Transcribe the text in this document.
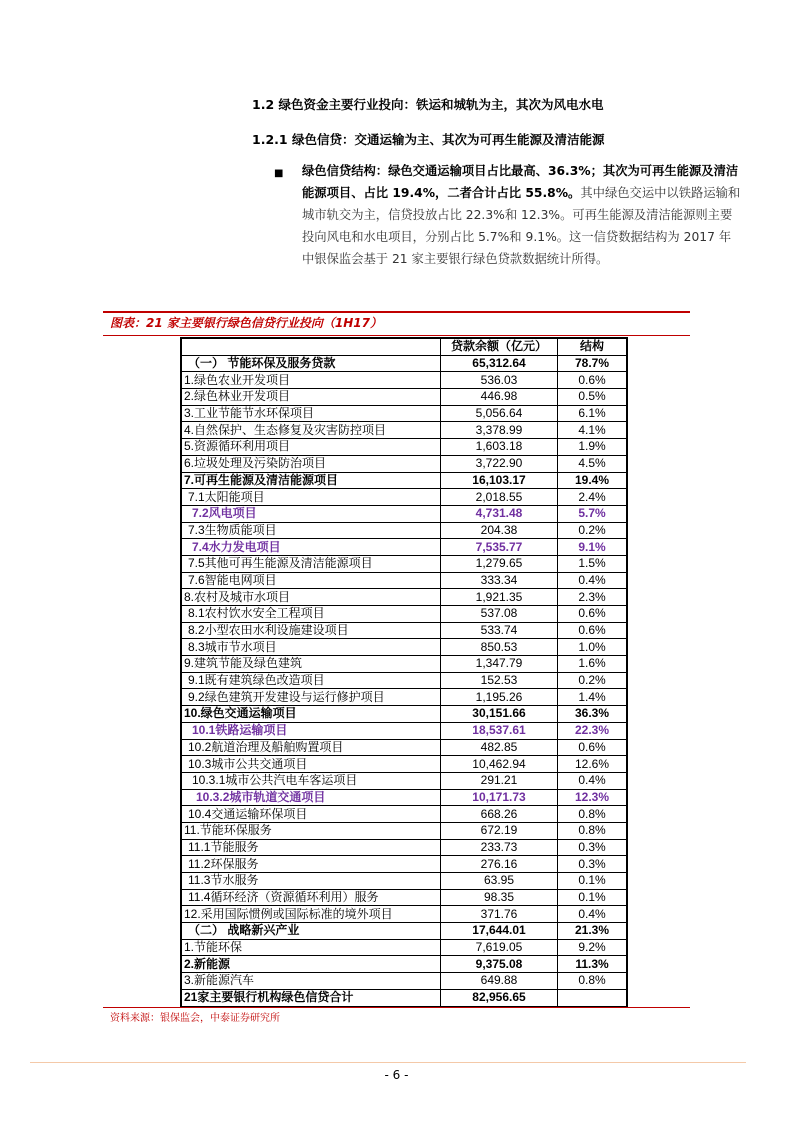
1.2 绿色资金主要行业投向：铁运和城轨为主，其次为风电水电
1.2.1 绿色信贷：交通运输为主、其次为可再生能源及清洁能源
■ 绿色信贷结构：绿色交通运输项目占比最高、36.3%；其次为可再生能源及清洁能源项目、占比 19.4%，二者合计占比 55.8%。其中绿色交运中以铁路运输和城市轨交为主，信贷投放占比 22.3%和 12.3%。可再生能源及清洁能源则主要投向风电和水电项目，分别占比 5.7%和 9.1%。这一信贷数据结构为 2017 年中银保监会基于 21 家主要银行绿色贷款数据统计所得。
图表：21 家主要银行绿色信贷行业投向（1H17）
	贷款余额（亿元）	结构
（一） 节能环保及服务贷款	65,312.64	78.7%
1.绿色农业开发项目	536.03	0.6%
2.绿色林业开发项目	446.98	0.5%
3.工业节能节水环保项目	5,056.64	6.1%
4.自然保护、生态修复及灾害防控项目	3,378.99	4.1%
5.资源循环利用项目	1,603.18	1.9%
6.垃圾处理及污染防治项目	3,722.90	4.5%
7.可再生能源及清洁能源项目	16,103.17	19.4%
7.1太阳能项目	2,018.55	2.4%
7.2风电项目	4,731.48	5.7%
7.3生物质能项目	204.38	0.2%
7.4水力发电项目	7,535.77	9.1%
7.5其他可再生能源及清洁能源项目	1,279.65	1.5%
7.6智能电网项目	333.34	0.4%
8.农村及城市水项目	1,921.35	2.3%
8.1农村饮水安全工程项目	537.08	0.6%
8.2小型农田水利设施建设项目	533.74	0.6%
8.3城市节水项目	850.53	1.0%
9.建筑节能及绿色建筑	1,347.79	1.6%
9.1既有建筑绿色改造项目	152.53	0.2%
9.2绿色建筑开发建设与运行修护项目	1,195.26	1.4%
10.绿色交通运输项目	30,151.66	36.3%
10.1铁路运输项目	18,537.61	22.3%
10.2航道治理及船舶购置项目	482.85	0.6%
10.3城市公共交通项目	10,462.94	12.6%
10.3.1城市公共汽电车客运项目	291.21	0.4%
10.3.2城市轨道交通项目	10,171.73	12.3%
10.4交通运输环保项目	668.26	0.8%
11.节能环保服务	672.19	0.8%
11.1节能服务	233.73	0.3%
11.2环保服务	276.16	0.3%
11.3节水服务	63.95	0.1%
11.4循环经济（资源循环利用）服务	98.35	0.1%
12.采用国际惯例或国际标准的境外项目	371.76	0.4%
（二） 战略新兴产业	17,644.01	21.3%
1.节能环保	7,619.05	9.2%
2.新能源	9,375.08	11.3%
3.新能源汽车	649.88	0.8%
21家主要银行机构绿色信贷合计	82,956.65	
资料来源：银保监会，中泰证券研究所
- 6 -
